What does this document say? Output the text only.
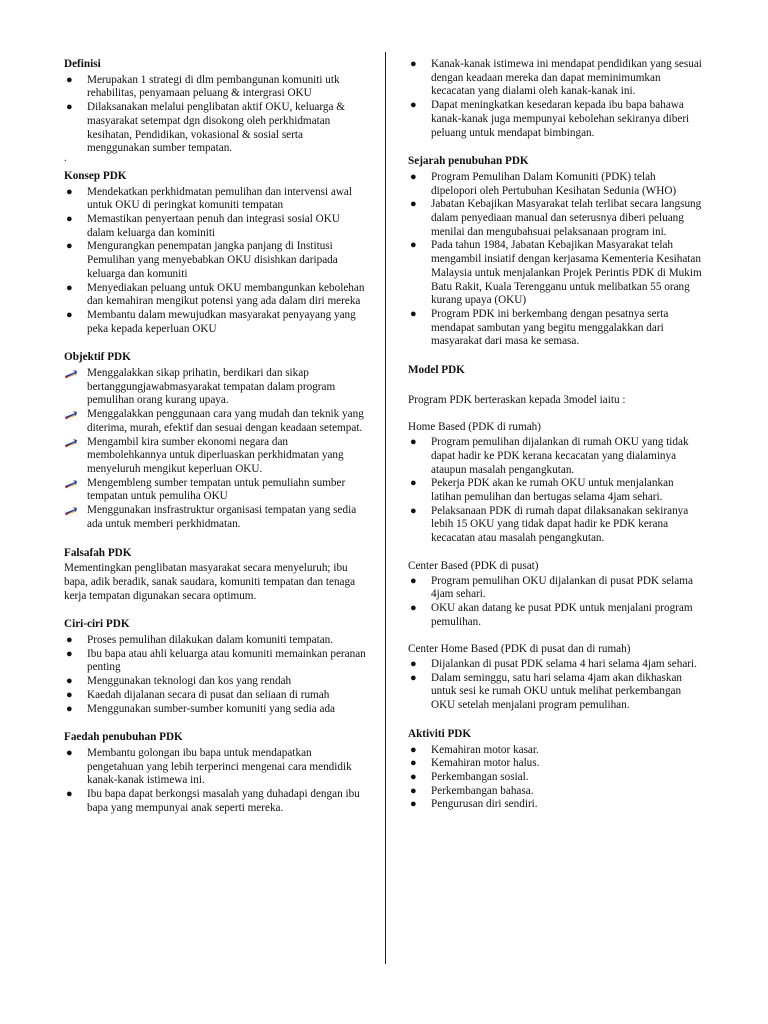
Definisi

● Merupakan 1 strategi di dlm pembangunan komuniti utk rehabilitas, penyamaan peluang & intergrasi OKU
● Dilaksanakan melalui penglibatan aktif OKU, keluarga & masyarakat setempat dgn disokong oleh perkhidmatan kesihatan, Pendidikan, vokasional & sosial serta menggunakan sumber tempatan.
.

Konsep PDK

● Mendekatkan perkhidmatan pemulihan dan intervensi awal untuk OKU di peringkat komuniti tempatan
● Memastikan penyertaan penuh dan integrasi sosial OKU dalam keluarga dan kominiti
● Mengurangkan penempatan jangka panjang di Institusi Pemulihan yang menyebabkan OKU disishkan daripada keluarga dan komuniti
● Menyediakan peluang untuk OKU membangunkan kebolehan dan kemahiran mengikut potensi yang ada dalam diri mereka
● Membantu dalam mewujudkan masyarakat penyayang yang peka kepada keperluan OKU

Objektif PDK

Menggalakkan sikap prihatin, berdikari dan sikap bertanggungjawabmasyarakat tempatan dalam program pemulihan orang kurang upaya.
Menggalakkan penggunaan cara yang mudah dan teknik yang diterima, murah, efektif dan sesuai dengan keadaan setempat.
Mengambil kira sumber ekonomi negara dan membolehkannya untuk diperluaskan perkhidmatan yang menyeluruh mengikut keperluan OKU.
Mengembleng sumber tempatan untuk pemuliahn sumber tempatan untuk pemuliha OKU
Menggunakan insfrastruktur organisasi tempatan yang sedia ada untuk memberi perkhidmatan.

Falsafah PDK

Mementingkan penglibatan masyarakat secara menyeluruh; ibu bapa, adik beradik, sanak saudara, komuniti tempatan dan tenaga kerja tempatan digunakan secara optimum.

Ciri-ciri PDK

● Proses pemulihan dilakukan dalam komuniti tempatan.
● Ibu bapa atau ahli keluarga atau komuniti memainkan peranan penting
● Menggunakan teknologi dan kos yang rendah
● Kaedah dijalanan secara di pusat dan seliaan di rumah
● Menggunakan sumber-sumber komuniti yang sedia ada

Faedah penubuhan PDK

● Membantu golongan ibu bapa untuk mendapatkan pengetahuan yang lebih terperinci mengenai cara mendidik kanak-kanak istimewa ini.
● Ibu bapa dapat berkongsi masalah yang duhadapi dengan ibu bapa yang mempunyai anak seperti mereka.
● Kanak-kanak istimewa ini mendapat pendidikan yang sesuai dengan keadaan mereka dan dapat meminimumkan kecacatan yang dialami oleh kanak-kanak ini.
● Dapat meningkatkan kesedaran kepada ibu bapa bahawa kanak-kanak juga mempunyai kebolehan sekiranya diberi peluang untuk mendapat bimbingan.

Sejarah penubuhan PDK

● Program Pemulihan Dalam Komuniti (PDK) telah dipelopori oleh Pertubuhan Kesihatan Sedunia (WHO)
● Jabatan Kebajikan Masyarakat telah terlibat secara langsung dalam penyediaan manual dan seterusnya diberi peluang menilai dan mengubahsuai pelaksanaan program ini.
● Pada tahun 1984, Jabatan Kebajikan Masyarakat telah mengambil insiatif dengan kerjasama Kementeria Kesihatan Malaysia untuk menjalankan Projek Perintis PDK di Mukim Batu Rakit, Kuala Terengganu untuk melibatkan 55 orang kurang upaya (OKU)
● Program PDK ini berkembang dengan pesatnya serta mendapat sambutan yang begitu menggalakkan dari masyarakat dari masa ke semasa.

Model PDK

Program PDK berteraskan kepada 3model iaitu :

Home Based (PDK di rumah)

● Program pemulihan dijalankan di rumah OKU yang tidak dapat hadir ke PDK kerana kecacatan yang dialaminya ataupun masalah pengangkutan.
● Pekerja PDK akan ke rumah OKU untuk menjalankan latihan pemulihan dan bertugas selama 4jam sehari.
● Pelaksanaan PDK di rumah dapat dilaksanakan sekiranya lebih 15 OKU yang tidak dapat hadir ke PDK kerana kecacatan atau masalah pengangkutan.

Center Based (PDK di pusat)

● Program pemulihan OKU dijalankan di pusat PDK selama 4jam sehari.
● OKU akan datang ke pusat PDK untuk menjalani program pemulihan.

Center Home Based (PDK di pusat dan di rumah)

● Dijalankan di pusat PDK selama 4 hari selama 4jam sehari.
● Dalam seminggu, satu hari selama 4jam akan dikhaskan untuk sesi ke rumah OKU untuk melihat perkembangan OKU setelah menjalani program pemulihan.

Aktiviti PDK

● Kemahiran motor kasar.
● Kemahiran motor halus.
● Perkembangan sosial.
● Perkembangan bahasa.
● Pengurusan diri sendiri.
